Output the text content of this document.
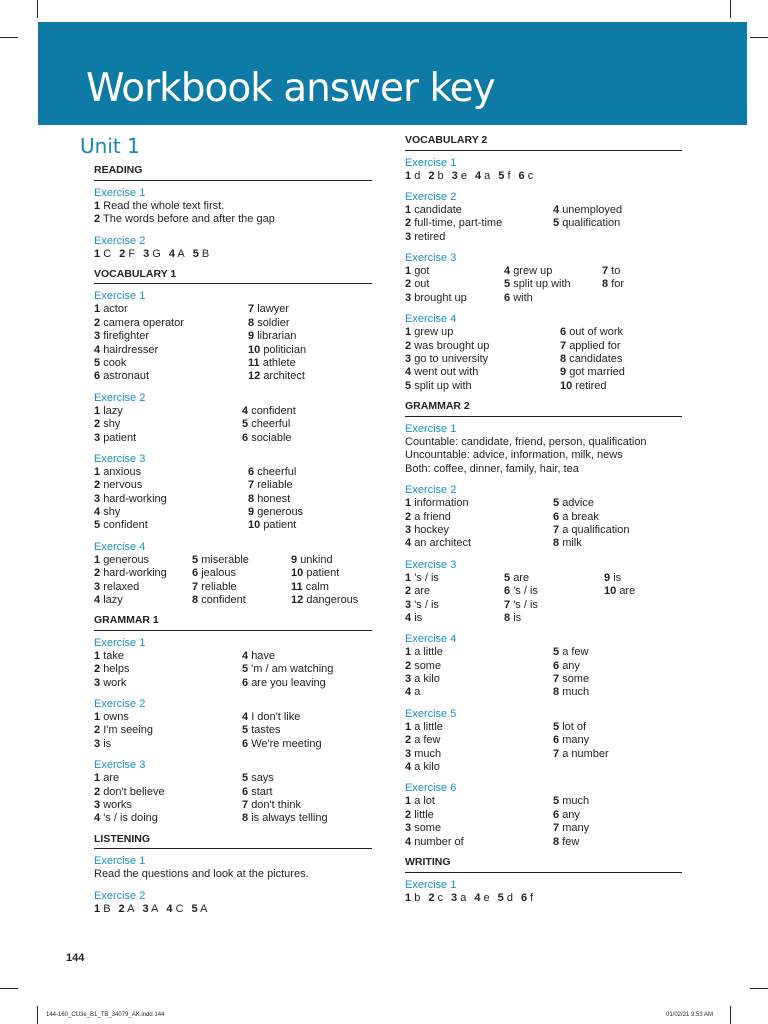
Workbook answer key
Unit 1
READING
Exercise 1
1 Read the whole text first.
2 The words before and after the gap
Exercise 2
1 C 2 F 3 G 4 A 5 B
VOCABULARY 1
Exercise 1
1 actor	7 lawyer
2 camera operator	8 soldier
3 firefighter	9 librarian
4 hairdresser	10 politician
5 cook	11 athlete
6 astronaut	12 architect
Exercise 2
1 lazy	4 confident
2 shy	5 cheerful
3 patient	6 sociable
Exercise 3
1 anxious	6 cheerful
2 nervous	7 reliable
3 hard-working	8 honest
4 shy	9 generous
5 confident	10 patient
Exercise 4
1 generous	5 miserable	9 unkind
2 hard-working 6 jealous	10 patient
3 relaxed	7 reliable	11 calm
4 lazy	8 confident	12 dangerous
GRAMMAR 1
Exercise 1
1 take	4 have
2 helps	5 'm / am watching
3 work	6 are you leaving
Exercise 2
1 owns	4 I don't like
2 I'm seeing	5 tastes
3 is	6 We're meeting
Exercise 3
1 are	5 says
2 don't believe	6 start
3 works	7 don't think
4 's / is doing	8 is always telling
LISTENING
Exercise 1
Read the questions and look at the pictures.
Exercise 2
1 B 2 A 3 A 4 C 5 A
VOCABULARY 2
Exercise 1
1 d 2 b 3 e 4 a 5 f 6 c
Exercise 2
1 candidate	4 unemployed
2 full-time, part-time	5 qualification
3 retired
Exercise 3
1 got	4 grew up	7 to
2 out	5 split up with	8 for
3 brought up	6 with
Exercise 4
1 grew up	6 out of work
2 was brought up	7 applied for
3 go to university	8 candidates
4 went out with	9 got married
5 split up with	10 retired
GRAMMAR 2
Exercise 1
Countable: candidate, friend, person, qualification
Uncountable: advice, information, milk, news
Both: coffee, dinner, family, hair, tea
Exercise 2
1 information	5 advice
2 a friend	6 a break
3 hockey	7 a qualification
4 an architect	8 milk
Exercise 3
1 's / is	5 are	9 is
2 are	6 's / is	10 are
3 's / is	7 's / is
4 is	8 is
Exercise 4
1 a little	5 a few
2 some	6 any
3 a kilo	7 some
4 a	8 much
Exercise 5
1 a little	5 lot of
2 a few	6 many
3 much	7 a number
4 a kilo
Exercise 6
1 a lot	5 much
2 little	6 any
3 some	7 many
4 number of	8 few
WRITING
Exercise 1
1 b 2 c 3 a 4 e 5 d 6 f
144
144-160_CU3e_B1_TB_34079_AK.indd 144	01/02/21 9:53 AM
